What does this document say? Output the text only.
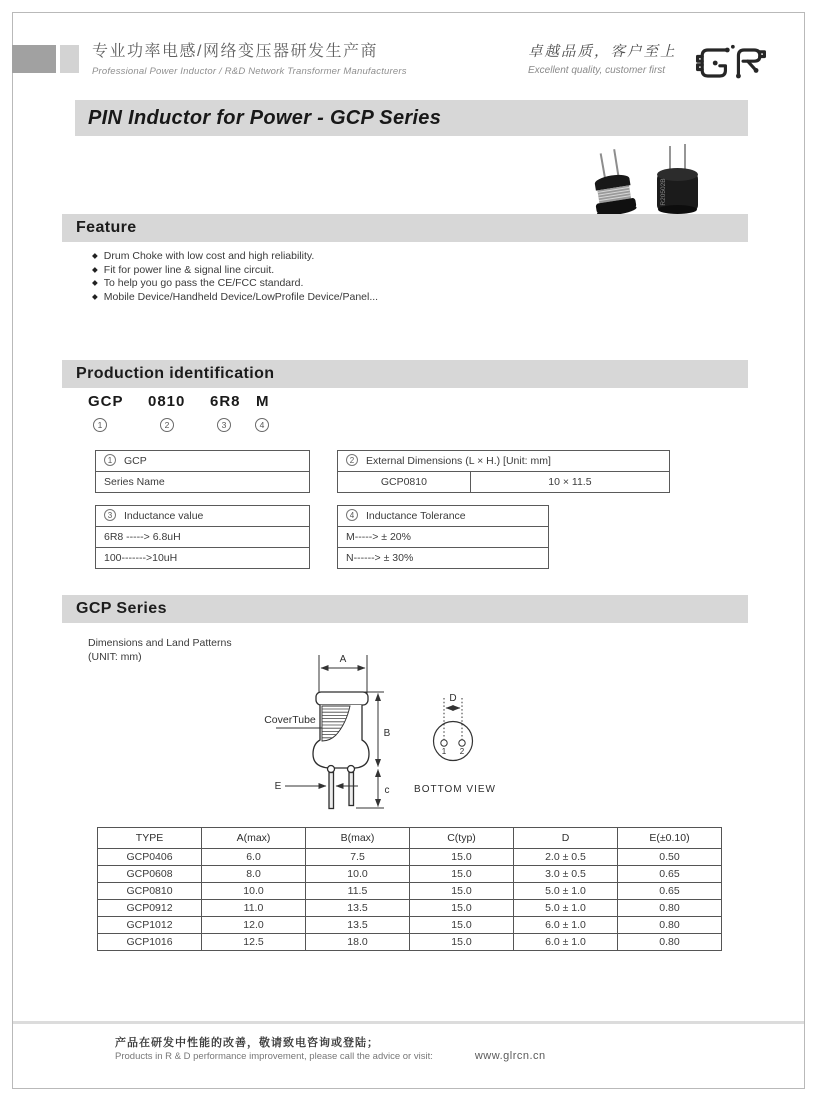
专业功率电感/网络变压器研发生产商
Professional Power Inductor / R&D Network Transformer Manufacturers
卓越品质，客户至上
Excellent quality, customer first
PIN Inductor for Power - GCP Series
R20502B
Feature
◆ Drum Choke with low cost and high reliability.
◆ Fit for power line & signal line circuit.
◆ To help you go pass the CE/FCC standard.
◆ Mobile Device/Handheld Device/LowProfile Device/Panel...
Production identification
GCP 0810 6R8 M
1	2	3	4
1 GCP
Series Name
2 External Dimensions (L × H.) [Unit: mm]
GCP0810	10 × 11.5
3 Inductance value
6R8 -----> 6.8uH
100------->10uH
4 Inductance Tolerance
M-----> ± 20%
N------> ± 30%
GCP Series
Dimensions and Land Patterns
(UNIT: mm)	A
B
c
E
D
1 2
CoverTube
BOTTOM VIEW
TYPE	A(max)	B(max)	C(typ)	D	E(±0.10)
GCP0406	6.0	7.5	15.0	2.0 ± 0.5	0.50
GCP0608	8.0	10.0	15.0	3.0 ± 0.5	0.65
GCP0810	10.0	11.5	15.0	5.0 ± 1.0	0.65
GCP0912	11.0	13.5	15.0	5.0 ± 1.0	0.80
GCP1012	12.0	13.5	15.0	6.0 ± 1.0	0.80
GCP1016	12.5	18.0	15.0	6.0 ± 1.0	0.80
产品在研发中性能的改善，敬请致电咨询或登陆；
Products in R & D performance improvement, please call the advice or visit:	www.glrcn.cn
